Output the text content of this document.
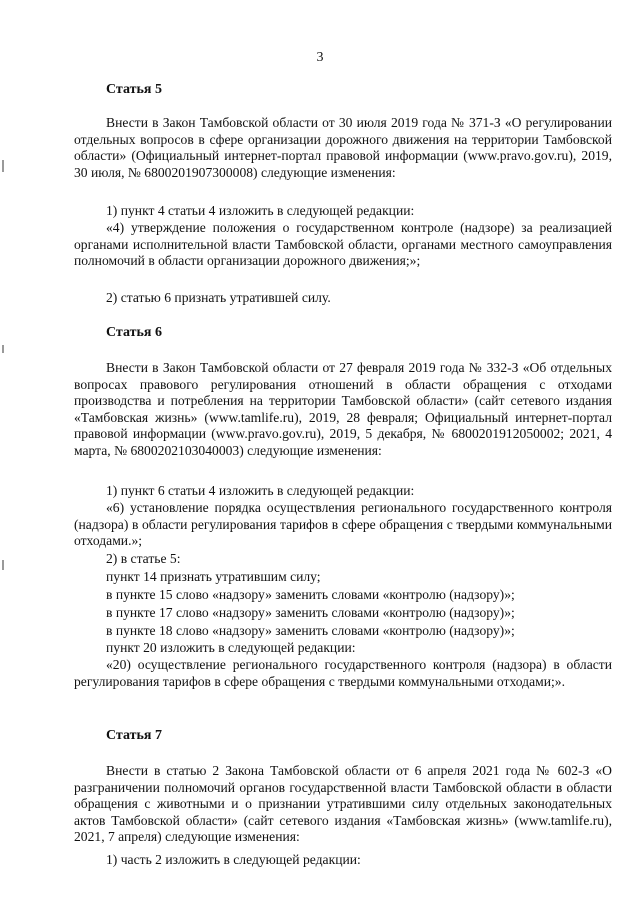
3
Статья 5

Внести в Закон Тамбовской области от 30 июля 2019 года № 371-З «О регулировании отдельных вопросов в сфере организации дорожного движения на территории Тамбовской области» (Официальный интернет-портал правовой информации (www.pravo.gov.ru), 2019, 30 июля, № 6800201907300008) следующие изменения:

1) пункт 4 статьи 4 изложить в следующей редакции:

«4) утверждение положения о государственном контроле (надзоре) за реализацией органами исполнительной власти Тамбовской области, органами местного самоуправления полномочий в области организации дорожного движения;»;

2) статью 6 признать утратившей силу.

Статья 6

Внести в Закон Тамбовской области от 27 февраля 2019 года № 332-З «Об отдельных вопросах правового регулирования отношений в области обращения с отходами производства и потребления на территории Тамбовской области» (сайт сетевого издания «Тамбовская жизнь» (www.tamlife.ru), 2019, 28 февраля; Официальный интернет-портал правовой информации (www.pravo.gov.ru), 2019, 5 декабря, № 6800201912050002; 2021, 4 марта, № 6800202103040003) следующие изменения:

1) пункт 6 статьи 4 изложить в следующей редакции:

«6) установление порядка осуществления регионального государственного контроля (надзора) в области регулирования тарифов в сфере обращения с твердыми коммунальными отходами.»;

2) в статье 5:

пункт 14 признать утратившим силу;

в пункте 15 слово «надзору» заменить словами «контролю (надзору)»;

в пункте 17 слово «надзору» заменить словами «контролю (надзору)»;

в пункте 18 слово «надзору» заменить словами «контролю (надзору)»;

пункт 20 изложить в следующей редакции:

«20) осуществление регионального государственного контроля (надзора) в области регулирования тарифов в сфере обращения с твердыми коммунальными отходами;».

Статья 7

Внести в статью 2 Закона Тамбовской области от 6 апреля 2021 года № 602-З «О разграничении полномочий органов государственной власти Тамбовской области в области обращения с животными и о признании утратившими силу отдельных законодательных актов Тамбовской области» (сайт сетевого издания «Тамбовская жизнь» (www.tamlife.ru), 2021, 7 апреля) следующие изменения:

1) часть 2 изложить в следующей редакции:
